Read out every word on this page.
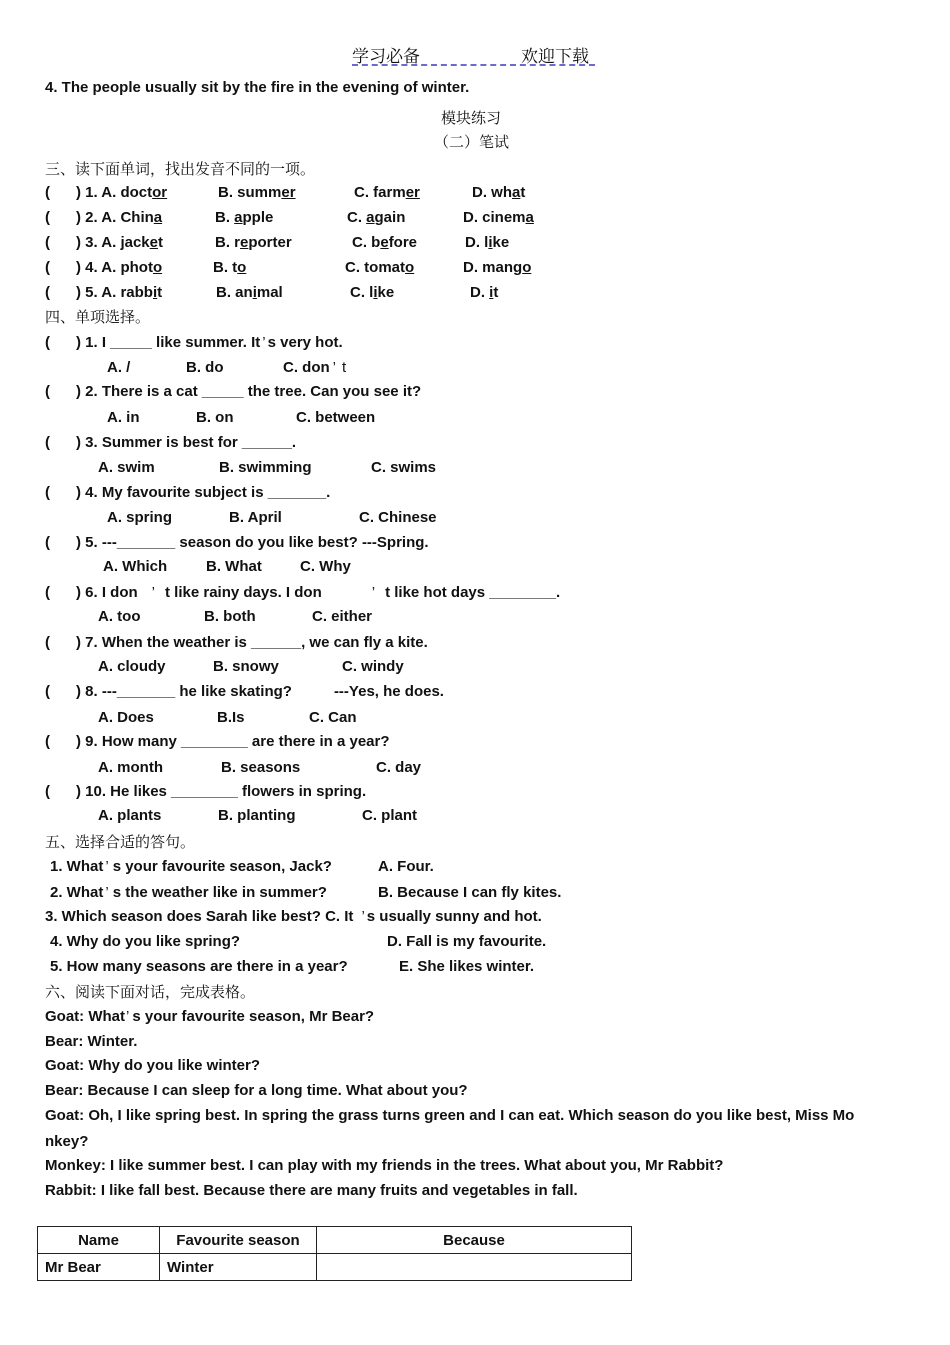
学习必备	欢迎下载
4. The people usually sit by the fire in the evening of winter.
模块练习
（二）笔试
三、读下面单词，找出发音不同的一项。
( ) 1. A. doctor	B. summer	C. farmer	D. what
( ) 2. A. China	B. apple	C. again	D. cinema
( ) 3. A. jacket	B. reporter	C. before	D. like
( ) 4. A. photo	B. to	C. tomato	D. mango
( ) 5. A. rabbit	B. animal	C. like	D. it
四、单项选择。
( ) 1. I _____ like summer. It ’ s very hot.
A. /	B. do	C. don ’ t
( ) 2. There is a cat _____ the tree. Can you see it?
A. in	B. on	C. between
( ) 3. Summer is best for ______.
A. swim	B. swimming	C. swims
( ) 4. My favourite subject is _______.
A. spring	B. April	C. Chinese
( ) 5. ---_______ season do you like best? ---Spring.
A. Which	B. What	C. Why
( ) 6. I don ’ t like rainy days. I don	’ t like hot days ________.
A. too	B. both	C. either
( ) 7. When the weather is ______, we can fly a kite.
A. cloudy	B. snowy	C. windy
( ) 8. ---_______ he like skating?	---Yes, he does.
A. Does	B.Is	C. Can
( ) 9. How many ________ are there in a year?
A. month	B. seasons	C. day
( ) 10. He likes ________ flowers in spring.
A. plants	B. planting	C. plant
五、选择合适的答句。
1. What ’ s your favourite season, Jack?	A. Four.
2. What ’ s the weather like in summer?	B. Because I can fly kites.
3. Which season does Sarah like best? C. It ’ s usually sunny and hot.
4. Why do you like spring?	D. Fall is my favourite.
5. How many seasons are there in a year?	E. She likes winter.
六、阅读下面对话，完成表格。
Goat: What’ s your favourite season, Mr Bear?
Bear: Winter.
Goat: Why do you like winter?
Bear: Because I can sleep for a long time. What about you?
Goat: Oh, I like spring best. In spring the grass turns green and I can eat. Which season do you like best, Miss Mo
nkey?
Monkey: I like summer best. I can play with my friends in the trees. What about you, Mr Rabbit?
Rabbit: I like fall best. Because there are many fruits and vegetables in fall.
Name	Favourite season	Because
Mr Bear	Winter	
